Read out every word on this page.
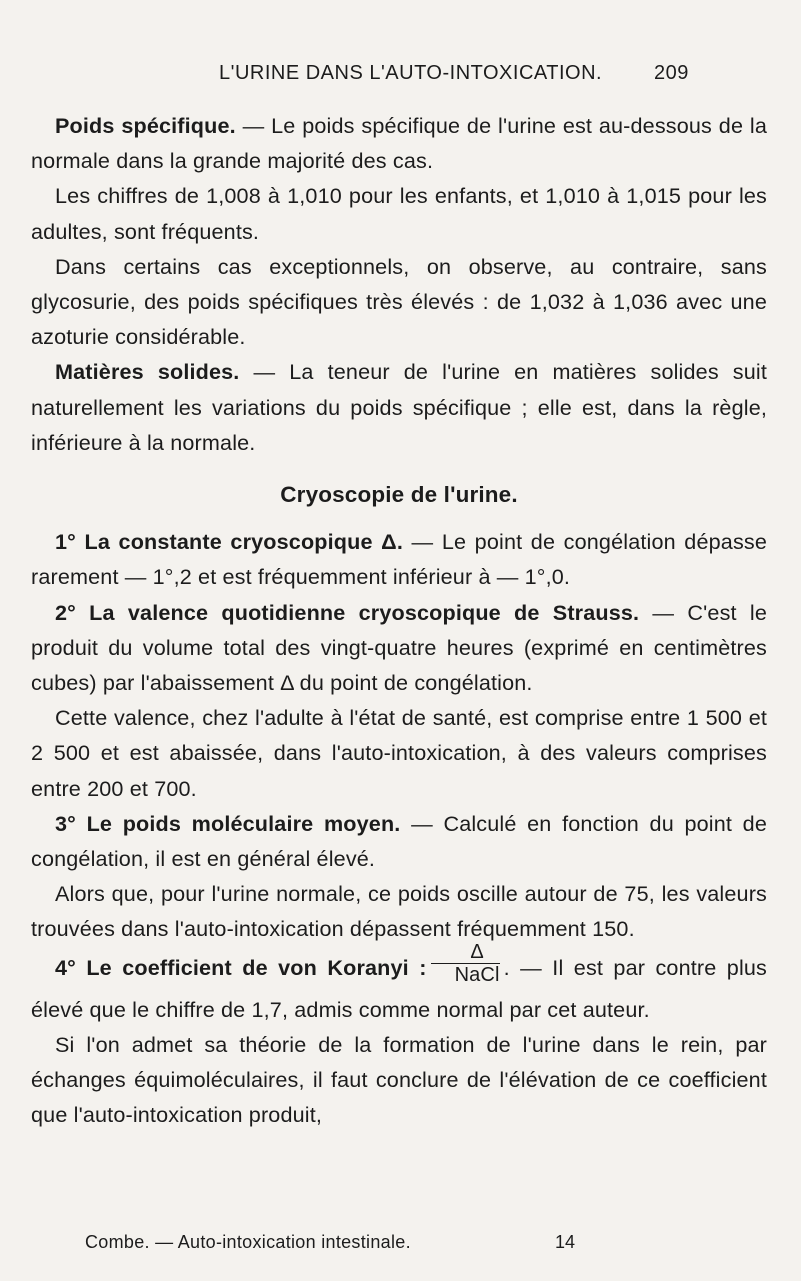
L'URINE DANS L'AUTO-INTOXICATION.	209

Poids spécifique. — Le poids spécifique de l'urine est au-dessous de la normale dans la grande majorité des cas.

Les chiffres de 1,008 à 1,010 pour les enfants, et 1,010 à 1,015 pour les adultes, sont fréquents.

Dans certains cas exceptionnels, on observe, au contraire, sans glycosurie, des poids spécifiques très élevés : de 1,032 à 1,036 avec une azoturie considérable.

Matières solides. — La teneur de l'urine en matières solides suit naturellement les variations du poids spécifique ; elle est, dans la règle, inférieure à la normale.

Cryoscopie de l'urine.

1° La constante cryoscopique Δ. — Le point de congélation dépasse rarement — 1°,2 et est fréquemment inférieur à — 1°,0.

2° La valence quotidienne cryoscopique de Strauss. — C'est le produit du volume total des vingt-quatre heures (exprimé en centimètres cubes) par l'abaissement Δ du point de congélation.

Cette valence, chez l'adulte à l'état de santé, est comprise entre 1 500 et 2 500 et est abaissée, dans l'auto-intoxication, à des valeurs comprises entre 200 et 700.

3° Le poids moléculaire moyen. — Calculé en fonction du point de congélation, il est en général élevé.

Alors que, pour l'urine normale, ce poids oscille autour de 75, les valeurs trouvées dans l'auto-intoxication dépassent fréquemment 150.

4° Le coefficient de von Koranyi : $\frac{\Delta}{\text{NaCl}}$ . — Il est par contre plus élevé que le chiffre de 1,7, admis comme normal par cet auteur.

Si l'on admet sa théorie de la formation de l'urine dans le rein, par échanges équimoléculaires, il faut conclure de l'élévation de ce coefficient que l'auto-intoxication produit,

Combe. — Auto-intoxication intestinale.	14
